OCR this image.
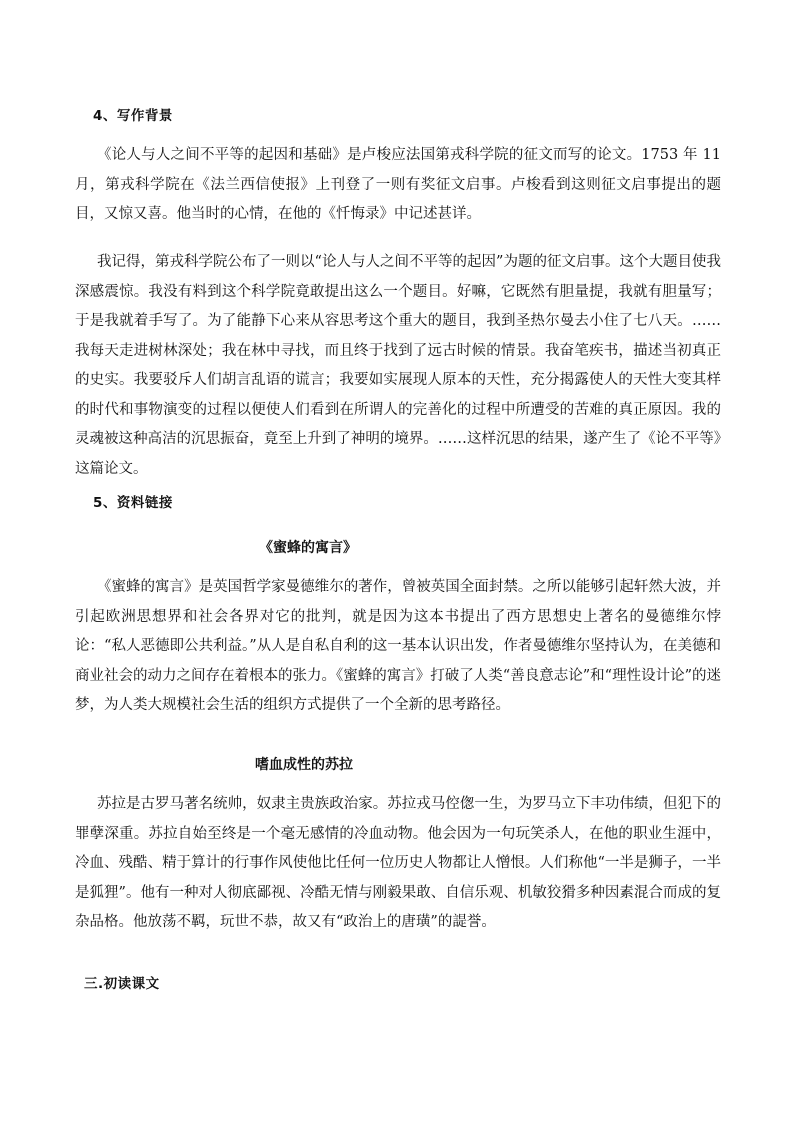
4、写作背景

《论人与人之间不平等的起因和基础》是卢梭应法国第戎科学院的征文而写的论文。1753 年 11 月，第戎科学院在《法兰西信使报》上刊登了一则有奖征文启事。卢梭看到这则征文启事提出的题目，又惊又喜。他当时的心情，在他的《忏悔录》中记述甚详。

我记得，第戎科学院公布了一则以“论人与人之间不平等的起因”为题的征文启事。这个大题目使我深感震惊。我没有料到这个科学院竟敢提出这么一个题目。好嘛，它既然有胆量提，我就有胆量写；于是我就着手写了。为了能静下心来从容思考这个重大的题目，我到圣热尔曼去小住了七八天。……我每天走进树林深处；我在林中寻找，而且终于找到了远古时候的情景。我奋笔疾书，描述当初真正的史实。我要驳斥人们胡言乱语的谎言；我要如实展现人原本的天性，充分揭露使人的天性大变其样的时代和事物演变的过程以便使人们看到在所谓人的完善化的过程中所遭受的苦难的真正原因。我的灵魂被这种高洁的沉思振奋，竟至上升到了神明的境界。……这样沉思的结果，遂产生了《论不平等》这篇论文。

5、资料链接
《蜜蜂的寓言》

《蜜蜂的寓言》是英国哲学家曼德维尔的著作，曾被英国全面封禁。之所以能够引起轩然大波，并引起欧洲思想界和社会各界对它的批判，就是因为这本书提出了西方思想史上著名的曼德维尔悖论：“私人恶德即公共利益。”从人是自私自利的这一基本认识出发，作者曼德维尔坚持认为，在美德和商业社会的动力之间存在着根本的张力。《蜜蜂的寓言》打破了人类“善良意志论”和“理性设计论”的迷梦，为人类大规模社会生活的组织方式提供了一个全新的思考路径。

嗜血成性的苏拉

苏拉是古罗马著名统帅，奴隶主贵族政治家。苏拉戎马倥偬一生，为罗马立下丰功伟绩，但犯下的罪孽深重。苏拉自始至终是一个毫无感情的冷血动物。他会因为一句玩笑杀人，在他的职业生涯中，冷血、残酷、精于算计的行事作风使他比任何一位历史人物都让人憎恨。人们称他“一半是狮子，一半是狐狸”。他有一种对人彻底鄙视、冷酷无情与刚毅果敢、自信乐观、机敏狡猾多种因素混合而成的复杂品格。他放荡不羁，玩世不恭，故又有“政治上的唐璜”的諟誉。

三.初读课文
